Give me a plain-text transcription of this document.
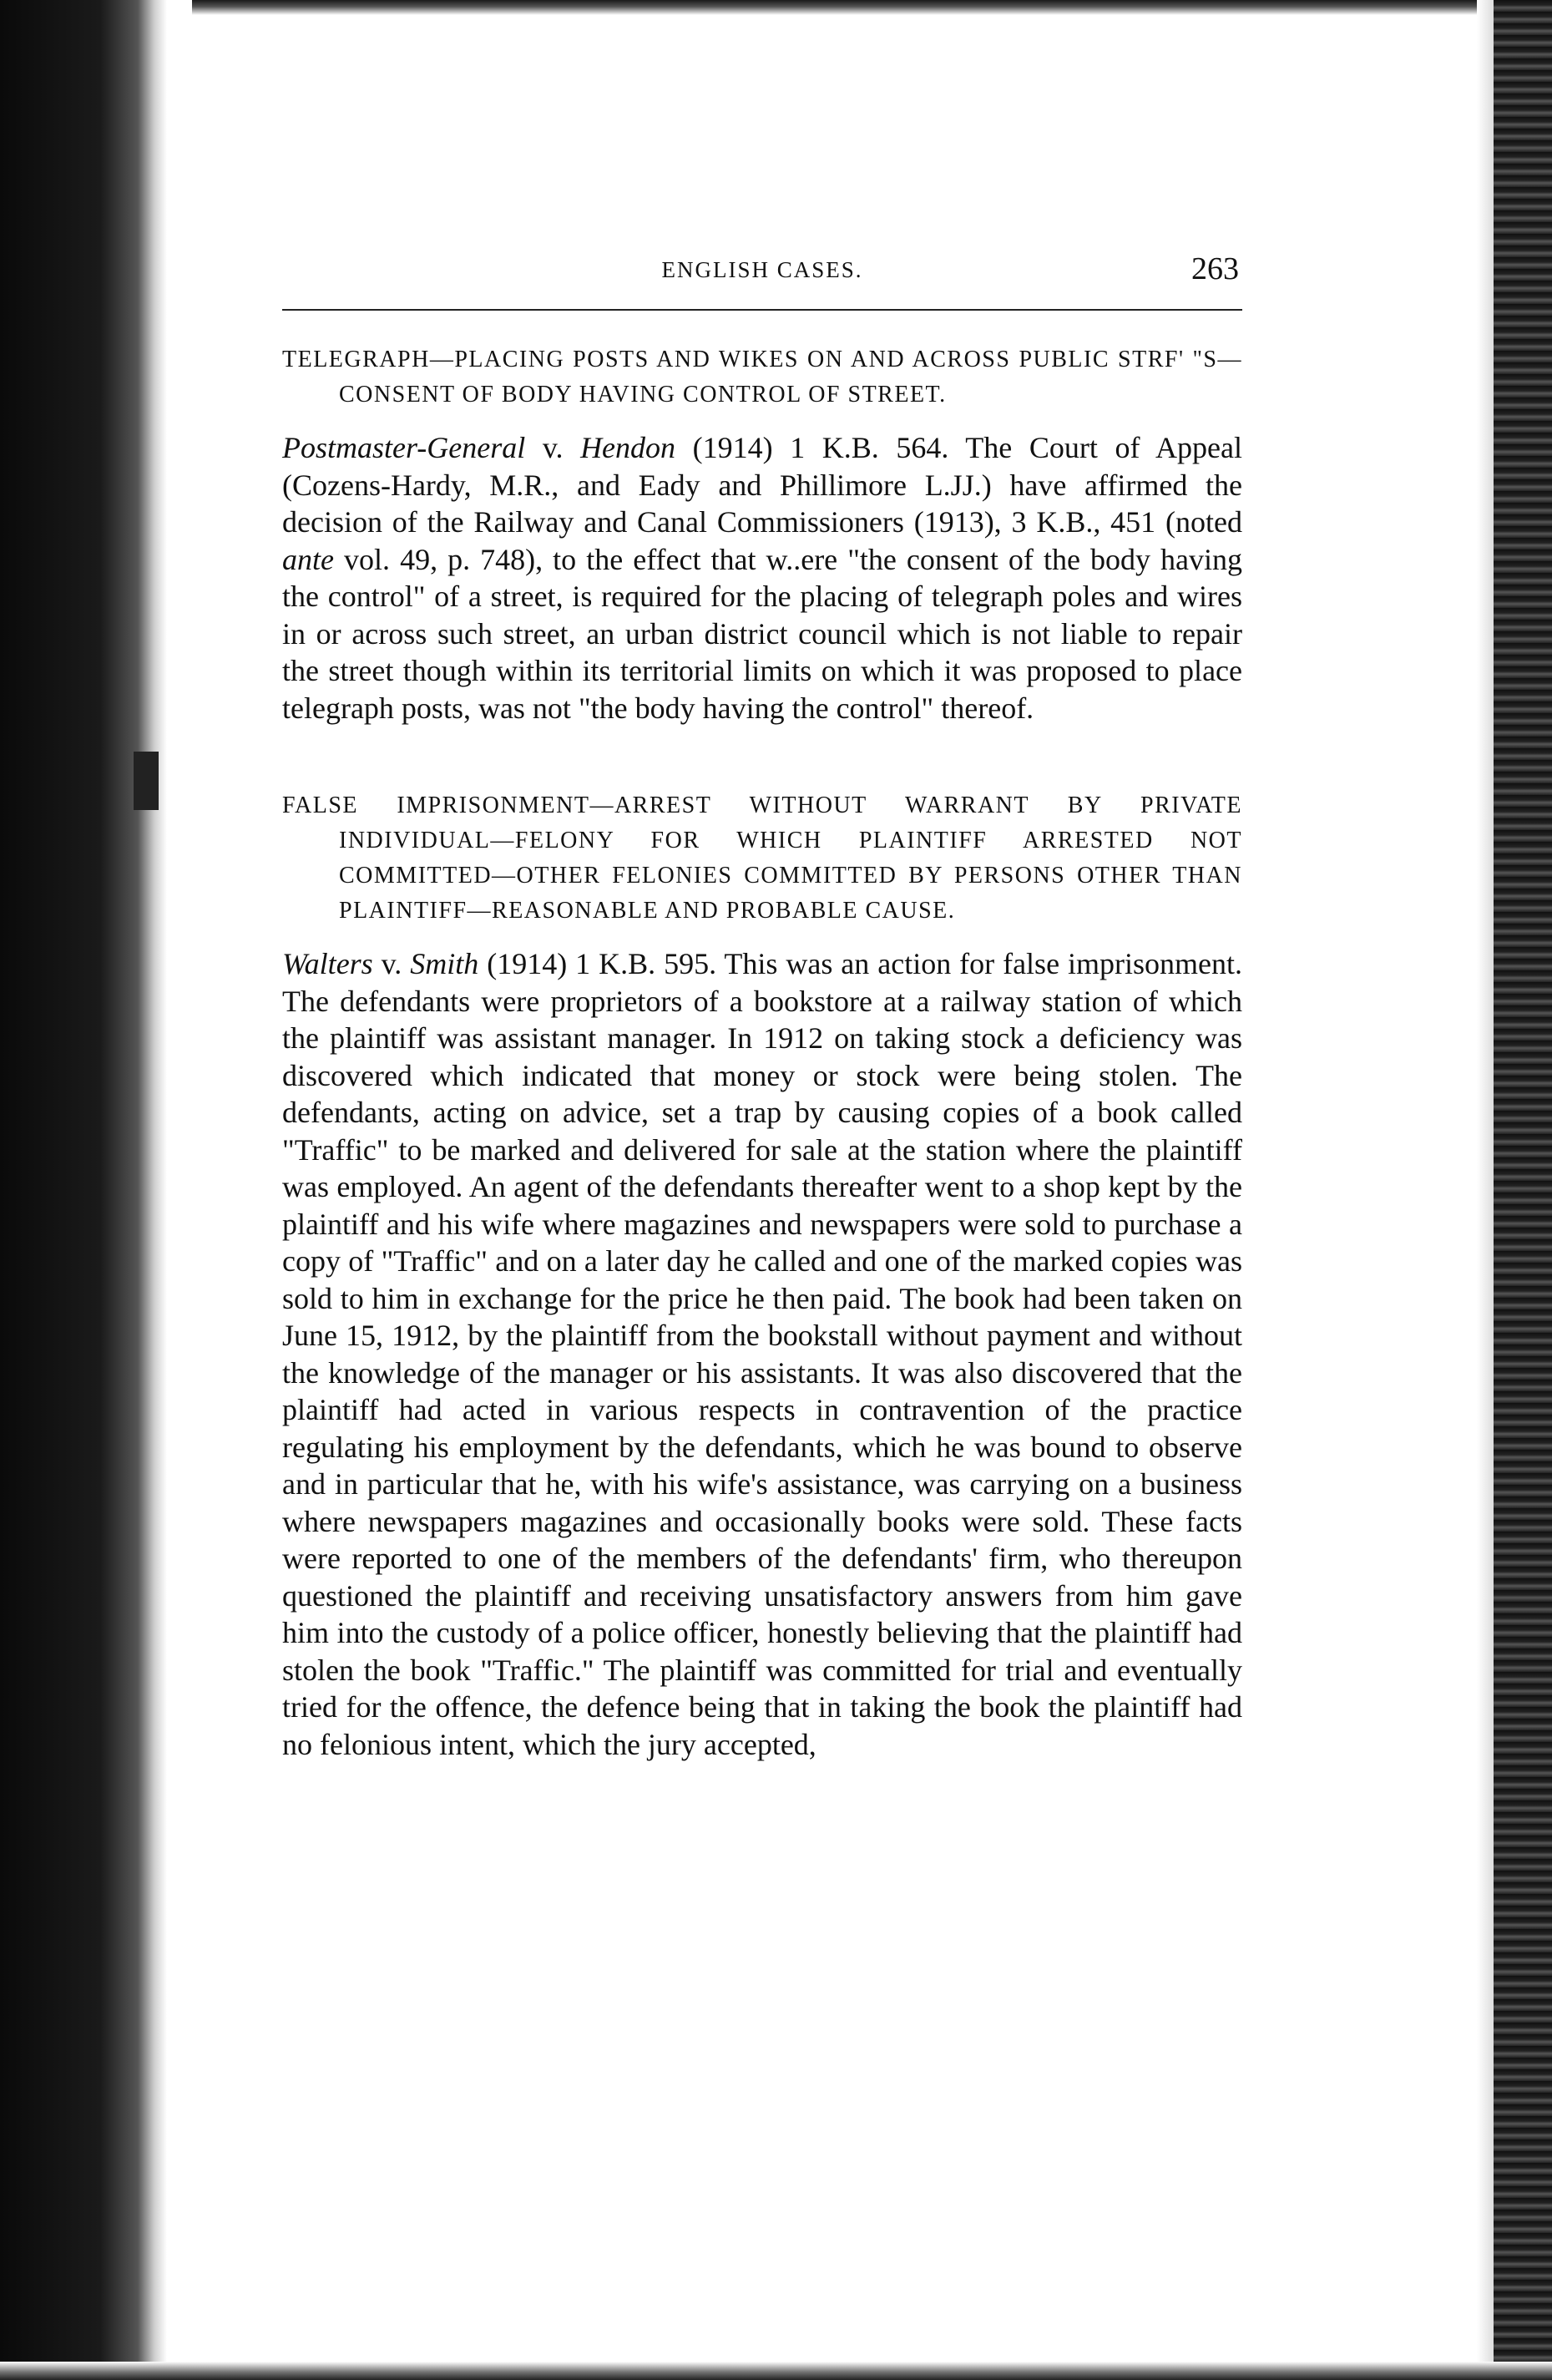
ENGLISH CASES.	263

TELEGRAPH—PLACING POSTS AND WIKES ON AND ACROSS PUBLIC STRF' "S—CONSENT OF BODY HAVING CONTROL OF STREET.

Postmaster-General v. Hendon (1914) 1 K.B. 564. The Court of Appeal (Cozens-Hardy, M.R., and Eady and Phillimore L.JJ.) have affirmed the decision of the Railway and Canal Commissioners (1913), 3 K.B., 451 (noted ante vol. 49, p. 748), to the effect that w..ere "the consent of the body having the control" of a street, is required for the placing of telegraph poles and wires in or across such street, an urban district council which is not liable to repair the street though within its territorial limits on which it was proposed to place telegraph posts, was not "the body having the control" thereof.

FALSE IMPRISONMENT—ARREST WITHOUT WARRANT BY PRIVATE INDIVIDUAL—FELONY FOR WHICH PLAINTIFF ARRESTED NOT COMMITTED—OTHER FELONIES COMMITTED BY PERSONS OTHER THAN PLAINTIFF—REASONABLE AND PROBABLE CAUSE.

Walters v. Smith (1914) 1 K.B. 595. This was an action for false imprisonment. The defendants were proprietors of a bookstore at a railway station of which the plaintiff was assistant manager. In 1912 on taking stock a deficiency was discovered which indicated that money or stock were being stolen. The defendants, acting on advice, set a trap by causing copies of a book called "Traffic" to be marked and delivered for sale at the station where the plaintiff was employed. An agent of the defendants thereafter went to a shop kept by the plaintiff and his wife where magazines and newspapers were sold to purchase a copy of "Traffic" and on a later day he called and one of the marked copies was sold to him in exchange for the price he then paid. The book had been taken on June 15, 1912, by the plaintiff from the bookstall without payment and without the knowledge of the manager or his assistants. It was also discovered that the plaintiff had acted in various respects in contravention of the practice regulating his employment by the defendants, which he was bound to observe and in particular that he, with his wife's assistance, was carrying on a business where newspapers magazines and occasionally books were sold. These facts were reported to one of the members of the defendants' firm, who thereupon questioned the plaintiff and receiving unsatisfactory answers from him gave him into the custody of a police officer, honestly believing that the plaintiff had stolen the book "Traffic." The plaintiff was committed for trial and eventually tried for the offence, the defence being that in taking the book the plaintiff had no felonious intent, which the jury accepted,
